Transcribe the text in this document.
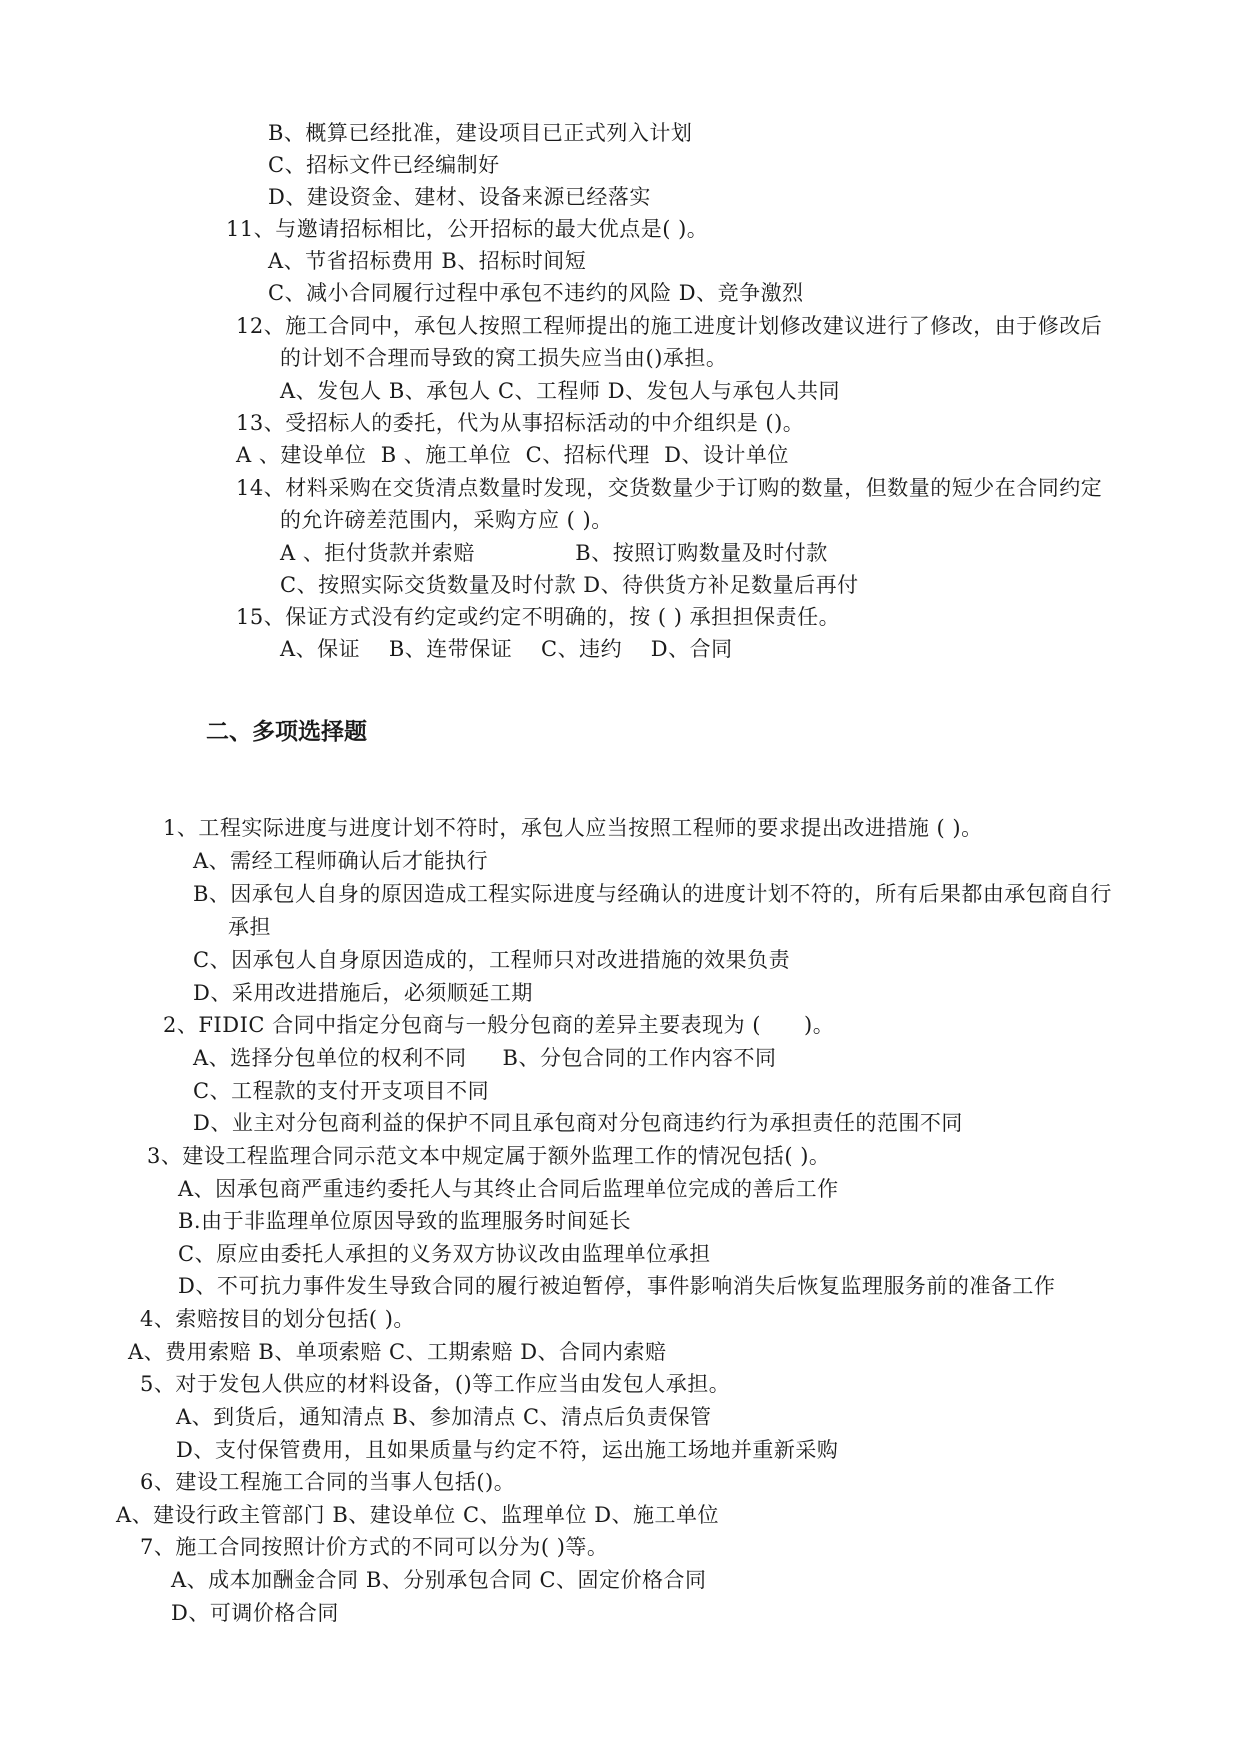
B、概算已经批准，建设项目已正式列入计划
C、招标文件已经编制好
D、建设资金、建材、设备来源已经落实
11、与邀请招标相比，公开招标的最大优点是( )。
A、节省招标费用 B、招标时间短
C、减小合同履行过程中承包不违约的风险 D、竞争激烈
12、施工合同中，承包人按照工程师提出的施工进度计划修改建议进行了修改，由于修改后
的计划不合理而导致的窝工损失应当由()承担。
A、发包人 B、承包人 C、工程师 D、发包人与承包人共同
13、受招标人的委托，代为从事招标活动的中介组织是 ()。
A 、建设单位  B 、施工单位  C、招标代理  D、设计单位
14、材料采购在交货清点数量时发现，交货数量少于订购的数量，但数量的短少在合同约定
的允许磅差范围内，采购方应 ( )。
A 、拒付货款并索赔              B、按照订购数量及时付款
C、按照实际交货数量及时付款 D、待供货方补足数量后再付
15、保证方式没有约定或约定不明确的，按 ( ) 承担担保责任。
A、保证    B、连带保证    C、违约    D、合同
二、多项选择题
1、工程实际进度与进度计划不符时，承包人应当按照工程师的要求提出改进措施 ( )。
A、需经工程师确认后才能执行
B、因承包人自身的原因造成工程实际进度与经确认的进度计划不符的，所有后果都由承包商自行
承担
C、因承包人自身原因造成的，工程师只对改进措施的效果负责
D、采用改进措施后，必须顺延工期
2、FIDIC 合同中指定分包商与一般分包商的差异主要表现为 (      )。
A、选择分包单位的权利不同     B、分包合同的工作内容不同
C、工程款的支付开支项目不同
D、业主对分包商利益的保护不同且承包商对分包商违约行为承担责任的范围不同
3、建设工程监理合同示范文本中规定属于额外监理工作的情况包括( )。
A、因承包商严重违约委托人与其终止合同后监理单位完成的善后工作
B.由于非监理单位原因导致的监理服务时间延长
C、原应由委托人承担的义务双方协议改由监理单位承担
D、不可抗力事件发生导致合同的履行被迫暂停，事件影响消失后恢复监理服务前的准备工作
4、索赔按目的划分包括( )。
A、费用索赔 B、单项索赔 C、工期索赔 D、合同内索赔
5、对于发包人供应的材料设备，()等工作应当由发包人承担。
A、到货后，通知清点 B、参加清点 C、清点后负责保管
D、支付保管费用，且如果质量与约定不符，运出施工场地并重新采购
6、建设工程施工合同的当事人包括()。
A、建设行政主管部门 B、建设单位 C、监理单位 D、施工单位
7、施工合同按照计价方式的不同可以分为( )等。
A、成本加酬金合同 B、分别承包合同 C、固定价格合同
D、可调价格合同
